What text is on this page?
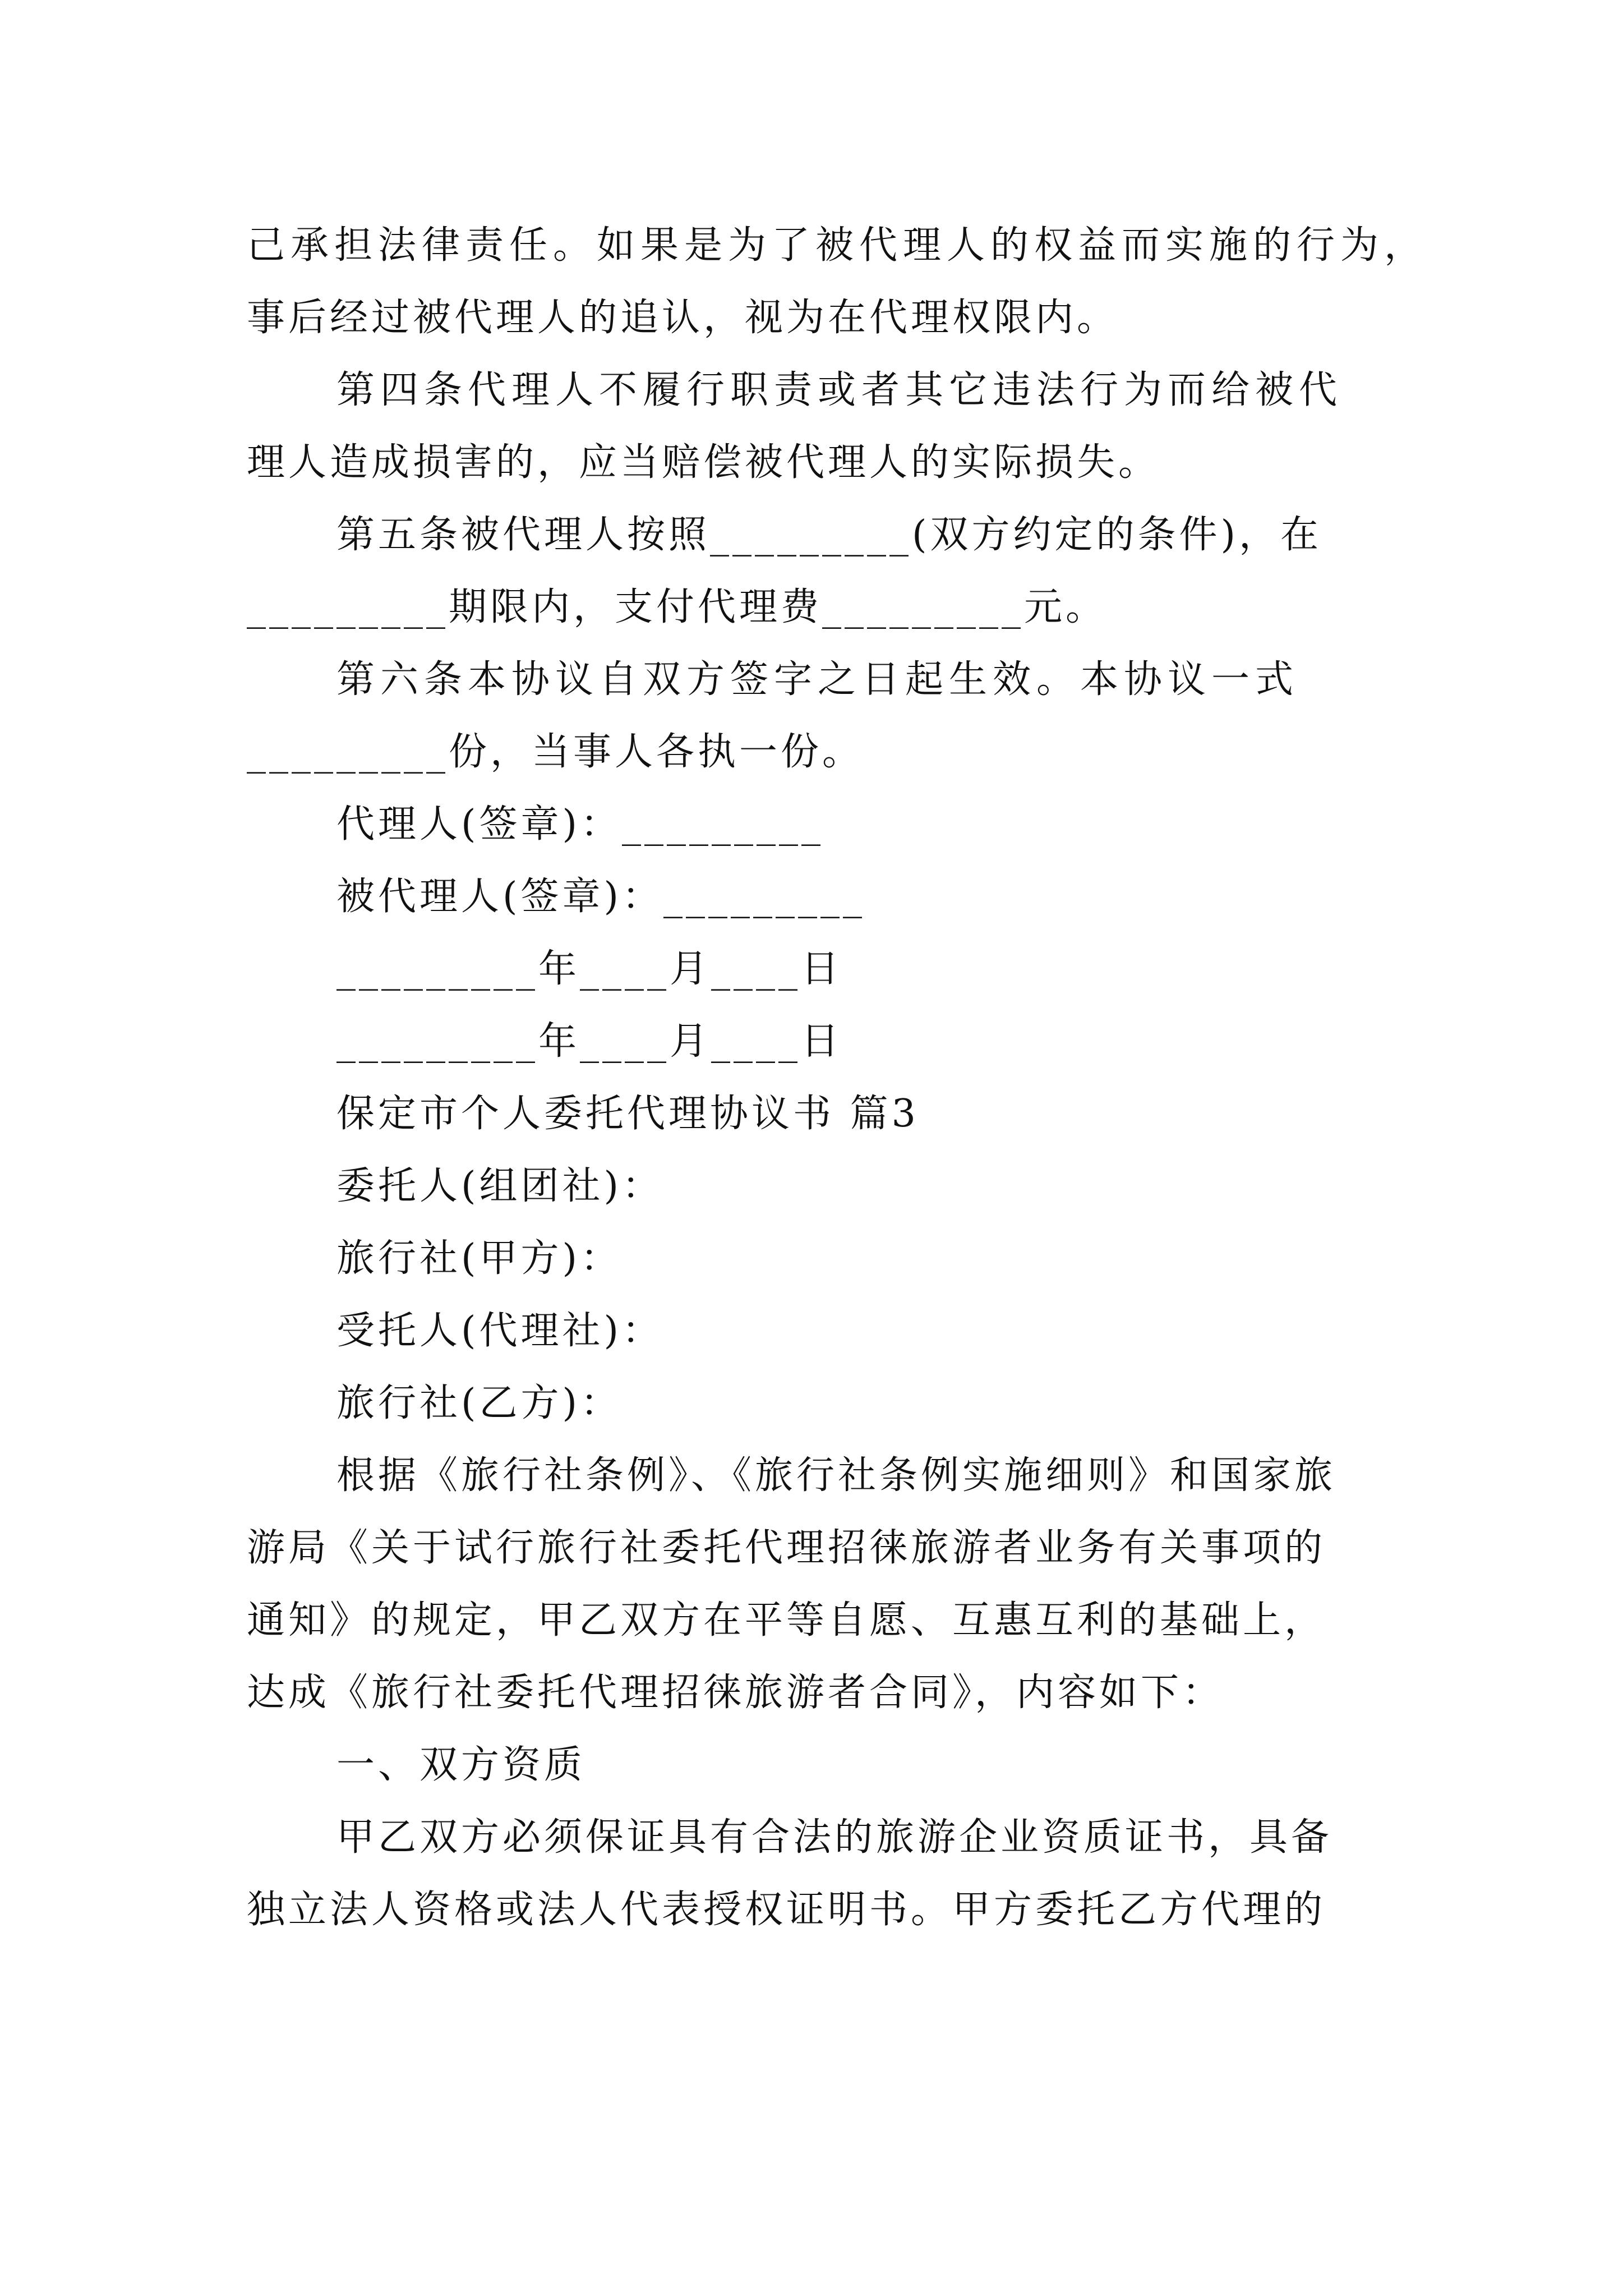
己承担法律责任。如果是为了被代理人的权益而实施的行为，
事后经过被代理人的追认，视为在代理权限内。
第四条代理人不履行职责或者其它违法行为而给被代
理人造成损害的，应当赔偿被代理人的实际损失。
第五条被代理人按照_________(双方约定的条件)，在
_________期限内，支付代理费_________元。
第六条本协议自双方签字之日起生效。本协议一式
_________份，当事人各执一份。
代理人(签章)：_________
被代理人(签章)：_________
_________年____月____日
_________年____月____日
保定市个人委托代理协议书 篇3
委托人(组团社)：
旅行社(甲方)：
受托人(代理社)：
旅行社(乙方)：
根据《旅行社条例》、《旅行社条例实施细则》和国家旅
游局《关于试行旅行社委托代理招徕旅游者业务有关事项的
通知》的规定，甲乙双方在平等自愿、互惠互利的基础上，
达成《旅行社委托代理招徕旅游者合同》，内容如下：
一、双方资质
甲乙双方必须保证具有合法的旅游企业资质证书，具备
独立法人资格或法人代表授权证明书。甲方委托乙方代理的
